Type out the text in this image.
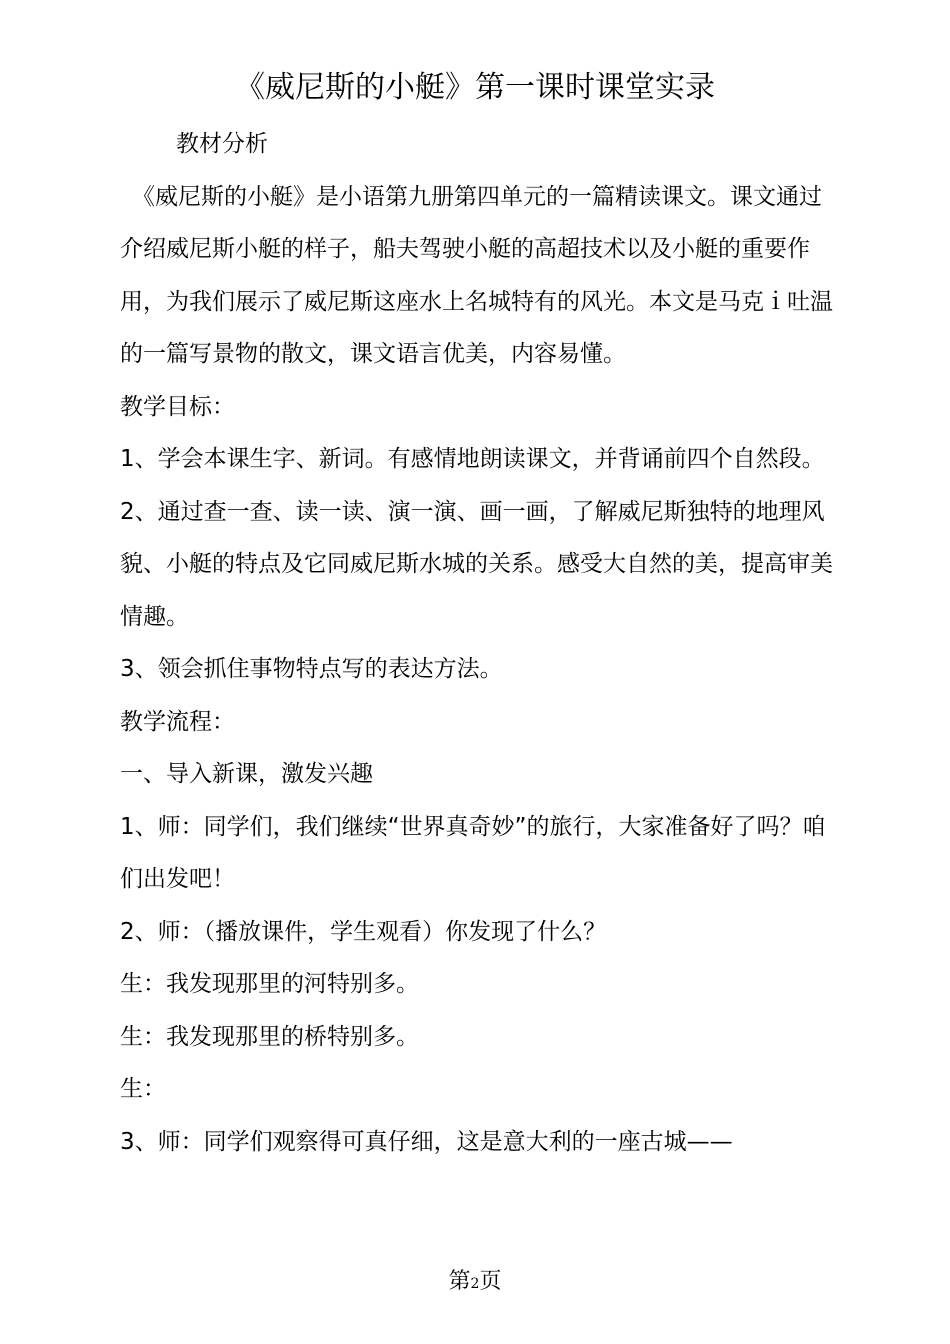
《威尼斯的小艇》第一课时课堂实录

教材分析

《威尼斯的小艇》是小语第九册第四单元的一篇精读课文。课文通过介绍威尼斯小艇的样子，船夫驾驶小艇的高超技术以及小艇的重要作用，为我们展示了威尼斯这座水上名城特有的风光。本文是马克ｉ吐温的一篇写景物的散文，课文语言优美，内容易懂。

教学目标：

1、学会本课生字、新词。有感情地朗读课文，并背诵前四个自然段。

2、通过查一查、读一读、演一演、画一画，了解威尼斯独特的地理风貌、小艇的特点及它同威尼斯水城的关系。感受大自然的美，提高审美情趣。

3、领会抓住事物特点写的表达方法。

教学流程：

一、导入新课，激发兴趣

1、师：同学们，我们继续“世界真奇妙”的旅行，大家准备好了吗？咱们出发吧！

2、师：（播放课件，学生观看）你发现了什么？

生：我发现那里的河特别多。

生：我发现那里的桥特别多。

生：

3、师：同学们观察得可真仔细，这是意大利的一座古城——

第2页
